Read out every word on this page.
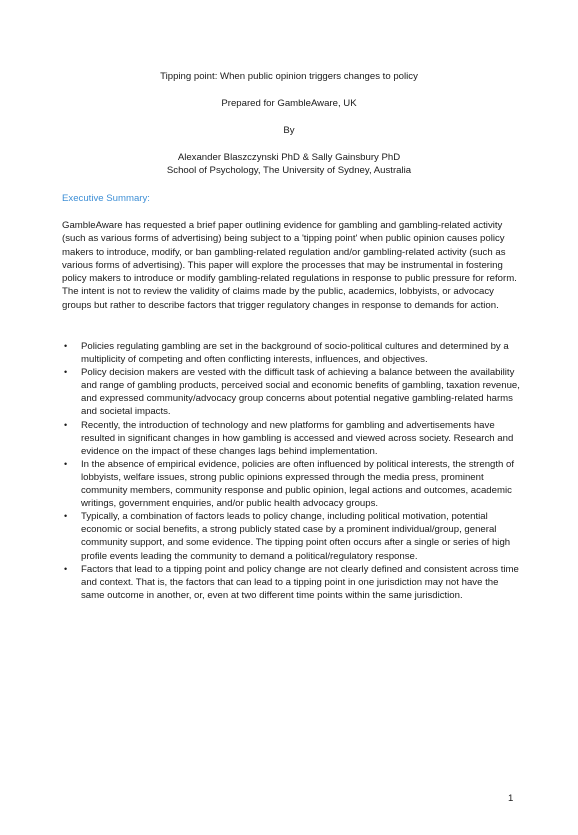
Tipping point: When public opinion triggers changes to policy
Prepared for GambleAware, UK
By
Alexander Blaszczynski PhD & Sally Gainsbury PhD
School of Psychology, The University of Sydney, Australia
Executive Summary:

GambleAware has requested a brief paper outlining evidence for gambling and gambling-related activity (such as various forms of advertising) being subject to a 'tipping point' when public opinion causes policy makers to introduce, modify, or ban gambling-related regulation and/or gambling-related activity (such as various forms of advertising). This paper will explore the processes that may be instrumental in fostering policy makers to introduce or modify gambling-related regulations in response to public pressure for reform. The intent is not to review the validity of claims made by the public, academics, lobbyists, or advocacy groups but rather to describe factors that trigger regulatory changes in response to demands for action.

• Policies regulating gambling are set in the background of socio-political cultures and determined by a multiplicity of competing and often conflicting interests, influences, and objectives.
• Policy decision makers are vested with the difficult task of achieving a balance between the availability and range of gambling products, perceived social and economic benefits of gambling, taxation revenue, and expressed community/advocacy group concerns about potential negative gambling-related harms and societal impacts.
• Recently, the introduction of technology and new platforms for gambling and advertisements have resulted in significant changes in how gambling is accessed and viewed across society. Research and evidence on the impact of these changes lags behind implementation.
• In the absence of empirical evidence, policies are often influenced by political interests, the strength of lobbyists, welfare issues, strong public opinions expressed through the media press, prominent community members, community response and public opinion, legal actions and outcomes, academic writings, government enquiries, and/or public health advocacy groups.
• Typically, a combination of factors leads to policy change, including political motivation, potential economic or social benefits, a strong publicly stated case by a prominent individual/group, general community support, and some evidence. The tipping point often occurs after a single or series of high profile events leading the community to demand a political/regulatory response.
• Factors that lead to a tipping point and policy change are not clearly defined and consistent across time and context. That is, the factors that can lead to a tipping point in one jurisdiction may not have the same outcome in another, or, even at two different time points within the same jurisdiction.
1
